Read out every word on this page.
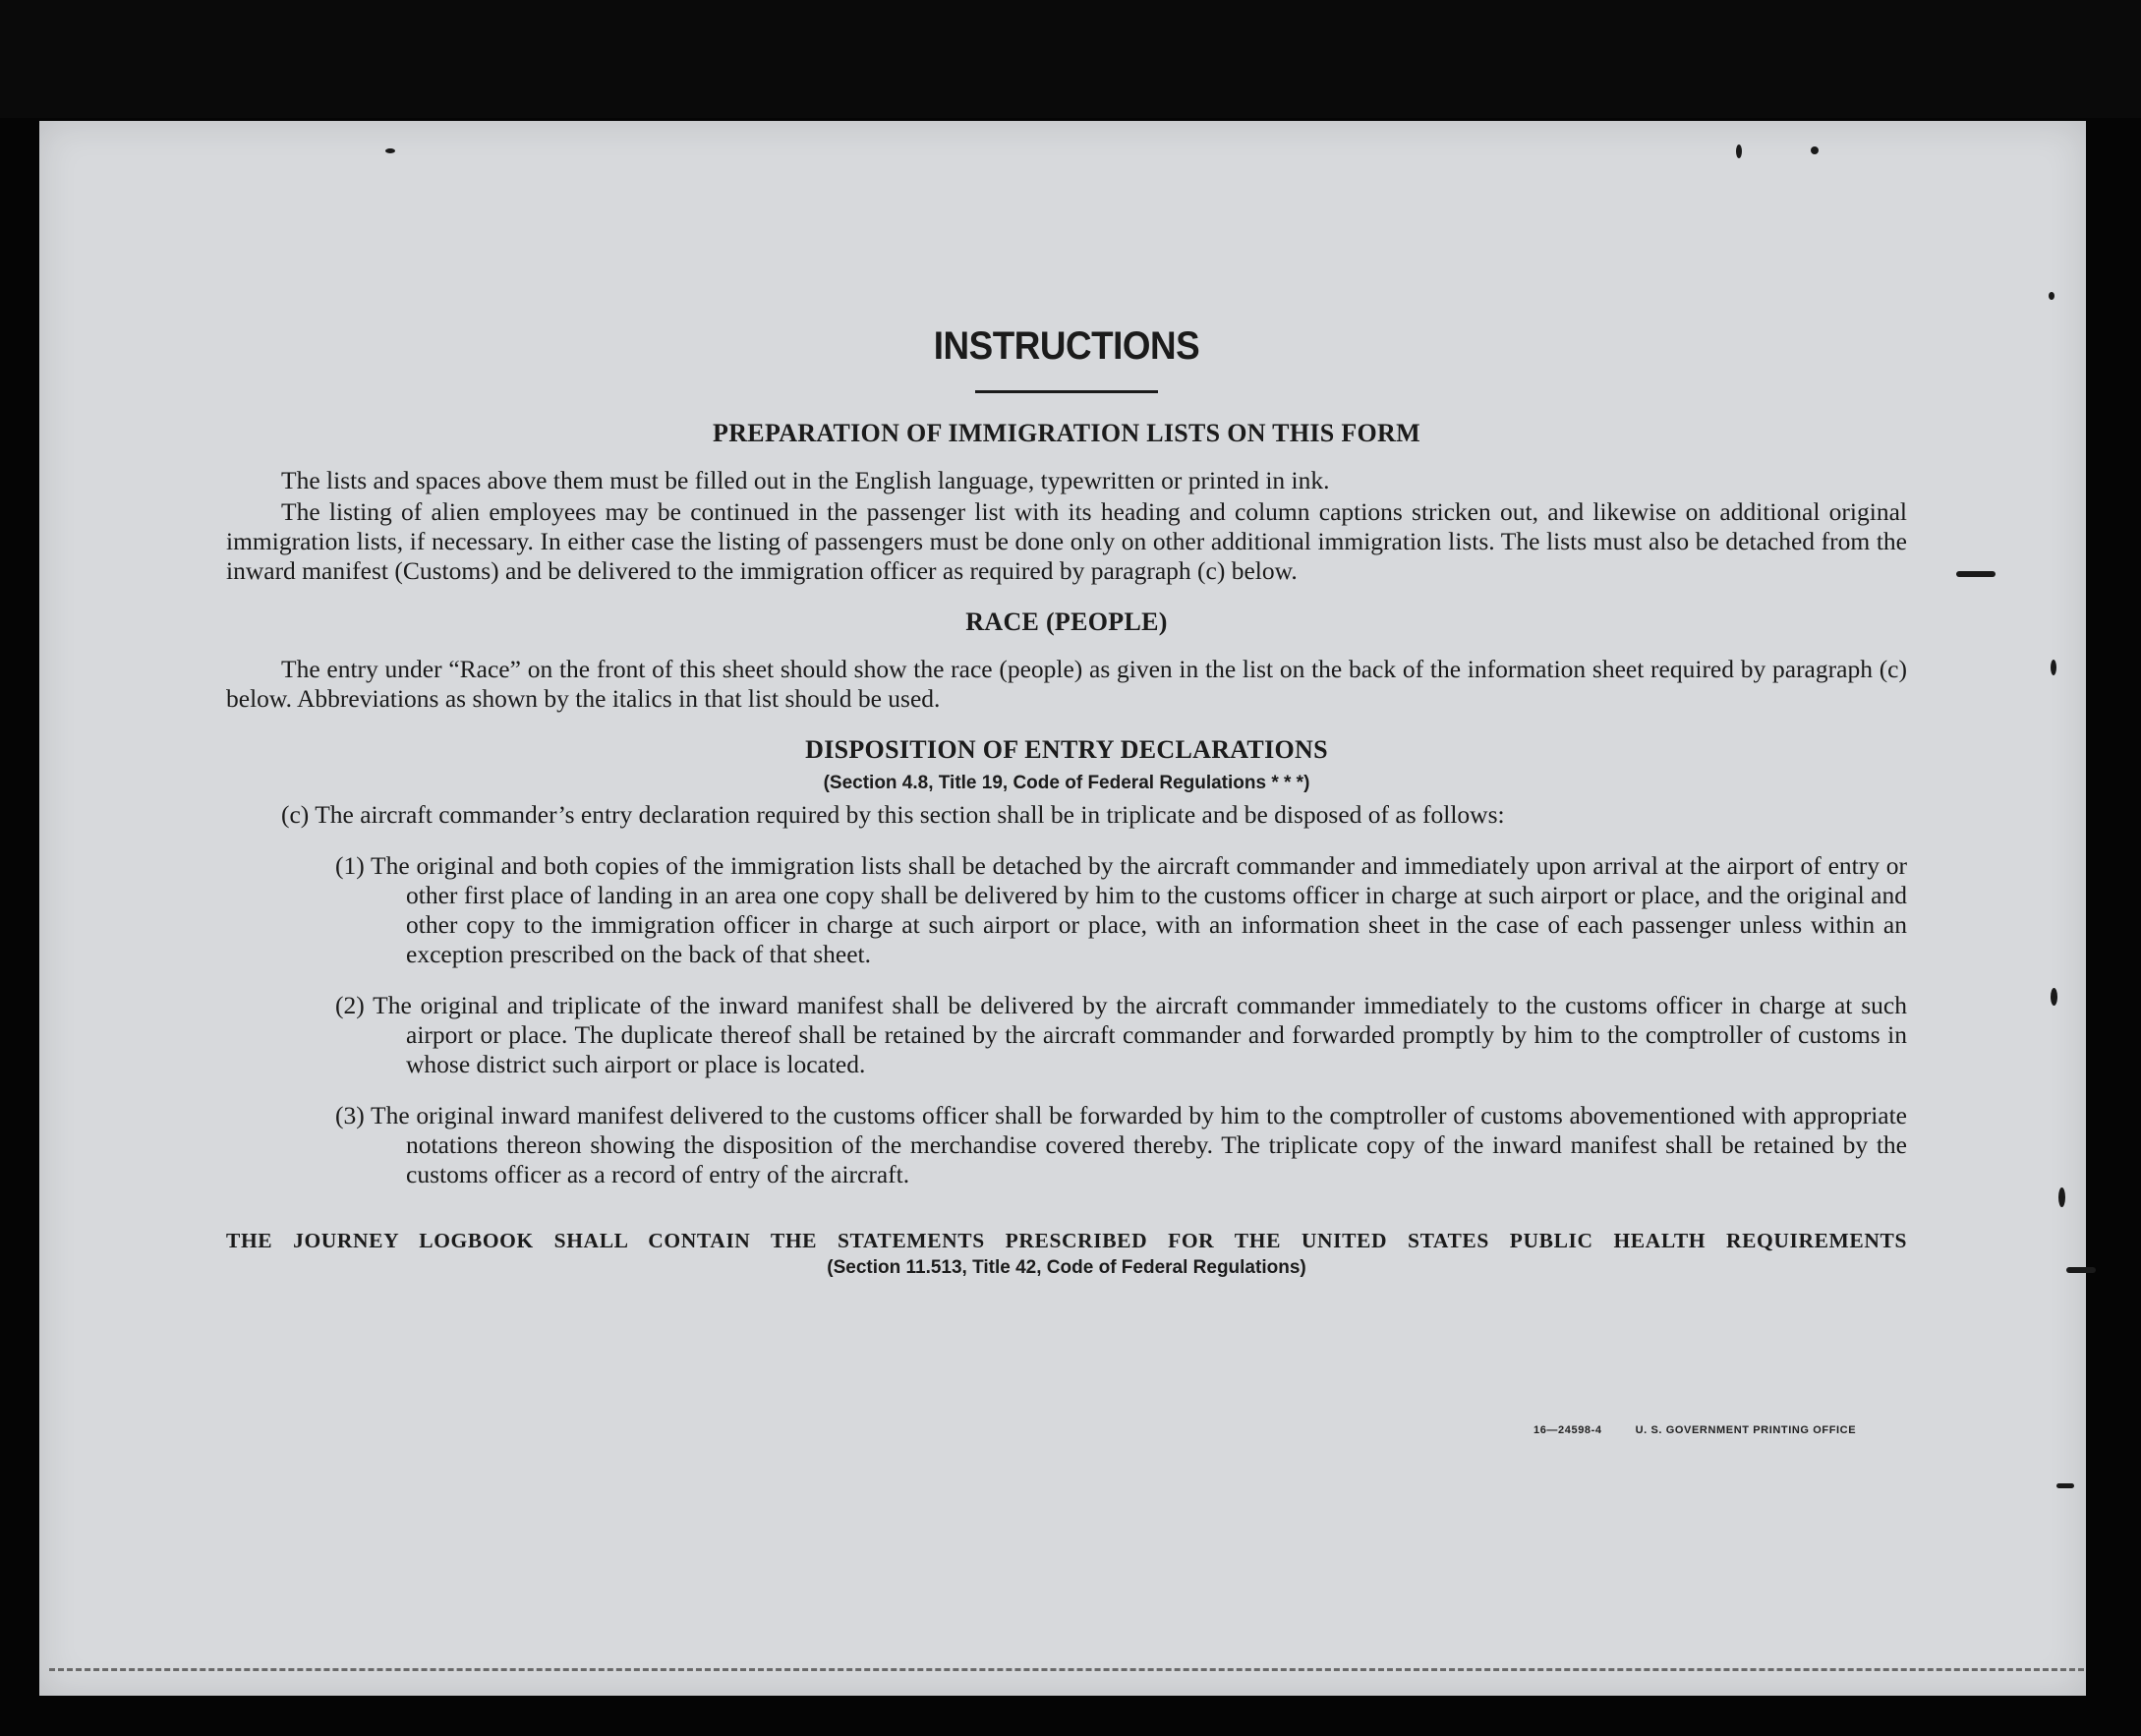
INSTRUCTIONS
PREPARATION OF IMMIGRATION LISTS ON THIS FORM

The lists and spaces above them must be filled out in the English language, typewritten or printed in ink.

The listing of alien employees may be continued in the passenger list with its heading and column captions stricken out, and likewise on additional original immigration lists, if necessary. In either case the listing of passengers must be done only on other additional immigration lists. The lists must also be detached from the inward manifest (Customs) and be delivered to the immigration officer as required by paragraph (c) below.

RACE (PEOPLE)

The entry under “Race” on the front of this sheet should show the race (people) as given in the list on the back of the information sheet required by paragraph (c) below. Abbreviations as shown by the italics in that list should be used.

DISPOSITION OF ENTRY DECLARATIONS

(Section 4.8, Title 19, Code of Federal Regulations * * *)

(c) The aircraft commander’s entry declaration required by this section shall be in triplicate and be disposed of as follows:

(1) The original and both copies of the immigration lists shall be detached by the aircraft commander and immediately upon arrival at the airport of entry or other first place of landing in an area one copy shall be delivered by him to the customs officer in charge at such airport or place, and the original and other copy to the immigration officer in charge at such airport or place, with an information sheet in the case of each passenger unless within an exception prescribed on the back of that sheet.

(2) The original and triplicate of the inward manifest shall be delivered by the aircraft commander immediately to the customs officer in charge at such airport or place. The duplicate thereof shall be retained by the aircraft commander and forwarded promptly by him to the comptroller of customs in whose district such airport or place is located.

(3) The original inward manifest delivered to the customs officer shall be forwarded by him to the comptroller of customs abovementioned with appropriate notations thereon showing the disposition of the merchandise covered thereby. The triplicate copy of the inward manifest shall be retained by the customs officer as a record of entry of the aircraft.

THE JOURNEY LOGBOOK SHALL CONTAIN THE STATEMENTS PRESCRIBED FOR THE UNITED STATES PUBLIC HEALTH REQUIREMENTS

(Section 11.513, Title 42, Code of Federal Regulations)

16—24598-4	U. S. GOVERNMENT PRINTING OFFICE
